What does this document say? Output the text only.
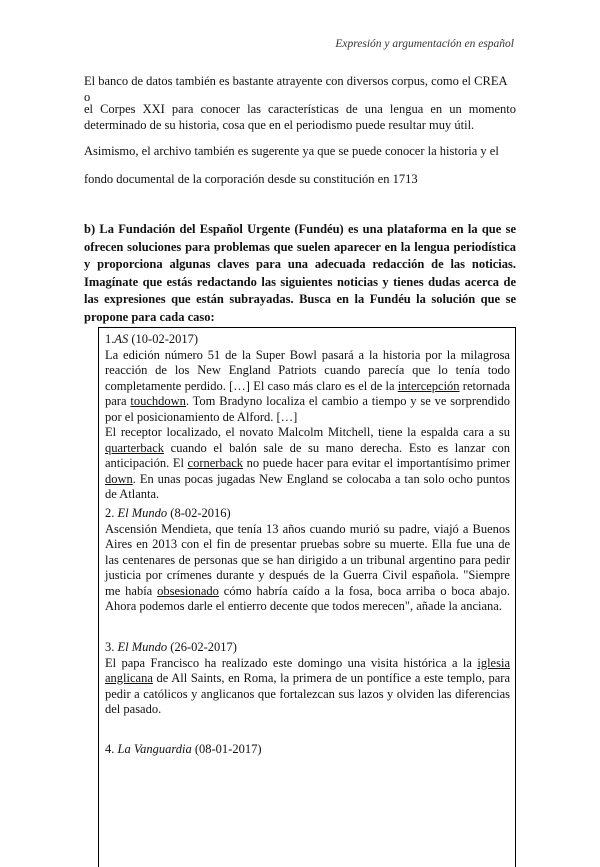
Expresión y argumentación en español
El banco de datos también es bastante atrayente con diversos corpus, como el CREA o
el Corpes XXI para conocer las características de una lengua en un momento determinado de su historia, cosa que en el periodismo puede resultar muy útil.
Asimismo, el archivo también es sugerente ya que se puede conocer la historia y el
fondo documental de la corporación desde su constitución en 1713
b) La Fundación del Español Urgente (Fundéu) es una plataforma en la que se ofrecen soluciones para problemas que suelen aparecer en la lengua periodística y proporciona algunas claves para una adecuada redacción de las noticias. Imagínate que estás redactando las siguientes noticias y tienes dudas acerca de las expresiones que están subrayadas. Busca en la Fundéu la solución que se propone para cada caso:
1.AS (10-02-2017)
La edición número 51 de la Super Bowl pasará a la historia por la milagrosa reacción de los New England Patriots cuando parecía que lo tenía todo completamente perdido. […] El caso más claro es el de la intercepción retornada para touchdown. Tom Bradyno localiza el cambio a tiempo y se ve sorprendido por el posicionamiento de Alford. […]
El receptor localizado, el novato Malcolm Mitchell, tiene la espalda cara a su quarterback cuando el balón sale de su mano derecha. Esto es lanzar con anticipación. El cornerback no puede hacer para evitar el importantísimo primer down. En unas pocas jugadas New England se colocaba a tan solo ocho puntos de Atlanta.
2. El Mundo (8-02-2016)
Ascensión Mendieta, que tenía 13 años cuando murió su padre, viajó a Buenos Aires en 2013 con el fin de presentar pruebas sobre su muerte. Ella fue una de las centenares de personas que se han dirigido a un tribunal argentino para pedir justicia por crímenes durante y después de la Guerra Civil española. "Siempre me había obsesionado cómo habría caído a la fosa, boca arriba o boca abajo. Ahora podemos darle el entierro decente que todos merecen", añade la anciana.
3. El Mundo (26-02-2017)
El papa Francisco ha realizado este domingo una visita histórica a la iglesia anglicana de All Saints, en Roma, la primera de un pontífice a este templo, para pedir a católicos y anglicanos que fortalezcan sus lazos y olviden las diferencias del pasado.
4. La Vanguardia (08-01-2017)
